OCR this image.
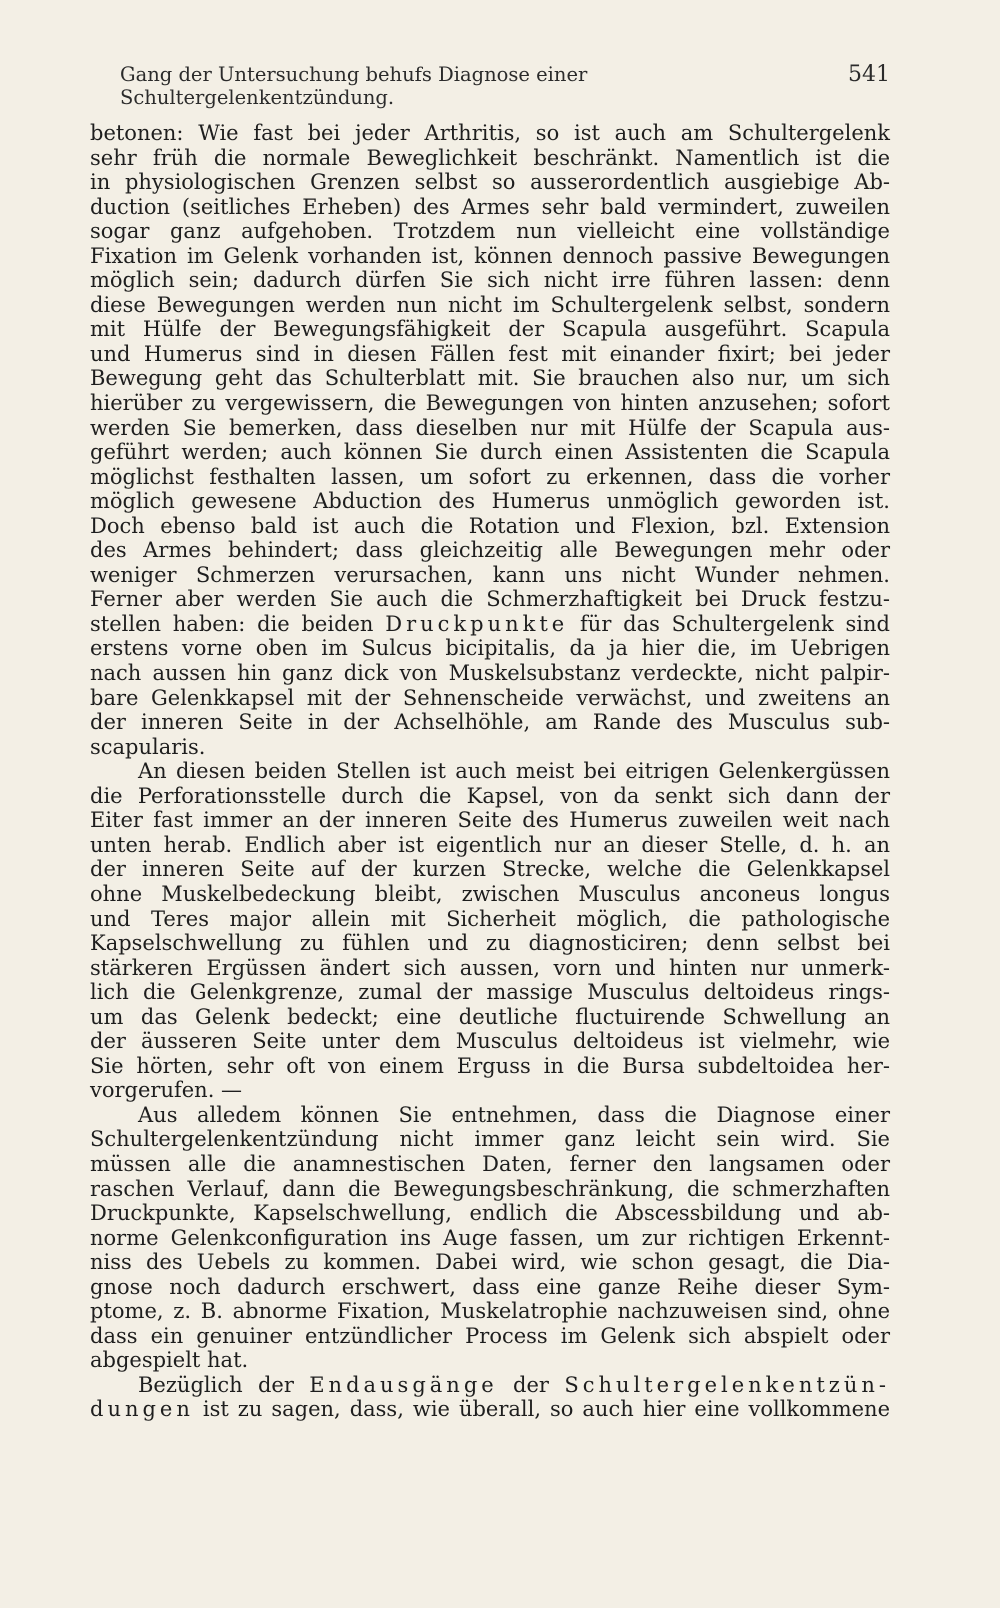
Gang der Untersuchung behufs Diagnose einer Schultergelenkentzündung.
541
betonen: Wie fast bei jeder Arthritis, so ist auch am Schultergelenk
sehr früh die normale Beweglichkeit beschränkt. Namentlich ist die
in physiologischen Grenzen selbst so ausserordentlich ausgiebige Ab-
duction (seitliches Erheben) des Armes sehr bald vermindert, zuweilen
sogar ganz aufgehoben. Trotzdem nun vielleicht eine vollständige
Fixation im Gelenk vorhanden ist, können dennoch passive Bewegungen
möglich sein; dadurch dürfen Sie sich nicht irre führen lassen: denn
diese Bewegungen werden nun nicht im Schultergelenk selbst, sondern
mit Hülfe der Bewegungsfähigkeit der Scapula ausgeführt. Scapula
und Humerus sind in diesen Fällen fest mit einander fixirt; bei jeder
Bewegung geht das Schulterblatt mit. Sie brauchen also nur, um sich
hierüber zu vergewissern, die Bewegungen von hinten anzusehen; sofort
werden Sie bemerken, dass dieselben nur mit Hülfe der Scapula aus-
geführt werden; auch können Sie durch einen Assistenten die Scapula
möglichst festhalten lassen, um sofort zu erkennen, dass die vorher
möglich gewesene Abduction des Humerus unmöglich geworden ist.
Doch ebenso bald ist auch die Rotation und Flexion, bzl. Extension
des Armes behindert; dass gleichzeitig alle Bewegungen mehr oder
weniger Schmerzen verursachen, kann uns nicht Wunder nehmen.
Ferner aber werden Sie auch die Schmerzhaftigkeit bei Druck festzu-
stellen haben: die beiden Druckpunkte für das Schultergelenk sind
erstens vorne oben im Sulcus bicipitalis, da ja hier die, im Uebrigen
nach aussen hin ganz dick von Muskelsubstanz verdeckte, nicht palpir-
bare Gelenkkapsel mit der Sehnenscheide verwächst, und zweitens an
der inneren Seite in der Achselhöhle, am Rande des Musculus sub-
scapularis.
An diesen beiden Stellen ist auch meist bei eitrigen Gelenkergüssen
die Perforationsstelle durch die Kapsel, von da senkt sich dann der
Eiter fast immer an der inneren Seite des Humerus zuweilen weit nach
unten herab. Endlich aber ist eigentlich nur an dieser Stelle, d. h. an
der inneren Seite auf der kurzen Strecke, welche die Gelenkkapsel
ohne Muskelbedeckung bleibt, zwischen Musculus anconeus longus
und Teres major allein mit Sicherheit möglich, die pathologische
Kapselschwellung zu fühlen und zu diagnosticiren; denn selbst bei
stärkeren Ergüssen ändert sich aussen, vorn und hinten nur unmerk-
lich die Gelenkgrenze, zumal der massige Musculus deltoideus rings-
um das Gelenk bedeckt; eine deutliche fluctuirende Schwellung an
der äusseren Seite unter dem Musculus deltoideus ist vielmehr, wie
Sie hörten, sehr oft von einem Erguss in die Bursa subdeltoidea her-
vorgerufen. —
Aus alledem können Sie entnehmen, dass die Diagnose einer
Schultergelenkentzündung nicht immer ganz leicht sein wird. Sie
müssen alle die anamnestischen Daten, ferner den langsamen oder
raschen Verlauf, dann die Bewegungsbeschränkung, die schmerzhaften
Druckpunkte, Kapselschwellung, endlich die Abscessbildung und ab-
norme Gelenkconfiguration ins Auge fassen, um zur richtigen Erkennt-
niss des Uebels zu kommen. Dabei wird, wie schon gesagt, die Dia-
gnose noch dadurch erschwert, dass eine ganze Reihe dieser Sym-
ptome, z. B. abnorme Fixation, Muskelatrophie nachzuweisen sind, ohne
dass ein genuiner entzündlicher Process im Gelenk sich abspielt oder
abgespielt hat.
Bezüglich der Endausgänge der Schultergelenkentzün-
dungen ist zu sagen, dass, wie überall, so auch hier eine vollkommene
